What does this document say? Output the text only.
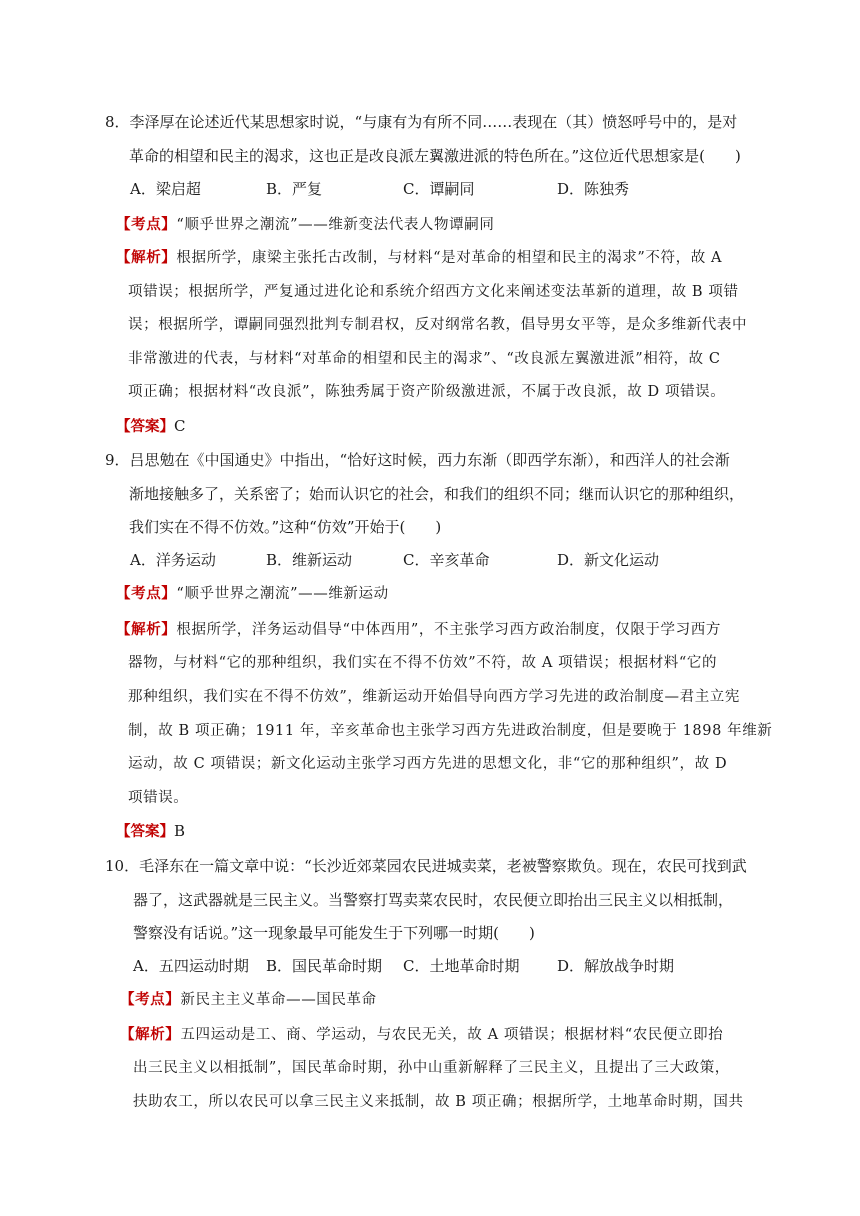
8．李泽厚在论述近代某思想家时说，“与康有为有所不同……表现在（其）愤怒呼号中的，是对
革命的相望和民主的渴求，这也正是改良派左翼激进派的特色所在。”这位近代思想家是(　　)
A．梁启超	B．严复	C．谭嗣同	D．陈独秀
【考点】“顺乎世界之潮流”——维新变法代表人物谭嗣同
【解析】根据所学，康梁主张托古改制，与材料“是对革命的相望和民主的渴求”不符，故 A
项错误；根据所学，严复通过进化论和系统介绍西方文化来阐述变法革新的道理，故 B 项错
误；根据所学，谭嗣同强烈批判专制君权，反对纲常名教，倡导男女平等，是众多维新代表中
非常激进的代表，与材料“对革命的相望和民主的渴求”、“改良派左翼激进派”相符，故 C
项正确；根据材料“改良派”，陈独秀属于资产阶级激进派，不属于改良派，故 D 项错误。
【答案】C
9．吕思勉在《中国通史》中指出，“恰好这时候，西力东渐（即西学东渐），和西洋人的社会渐
渐地接触多了，关系密了；始而认识它的社会，和我们的组织不同；继而认识它的那种组织，
我们实在不得不仿效。”这种“仿效”开始于(　　)
A．洋务运动	B．维新运动	C．辛亥革命	D．新文化运动
【考点】“顺乎世界之潮流”——维新运动
【解析】根据所学，洋务运动倡导“中体西用”，不主张学习西方政治制度，仅限于学习西方
器物，与材料“它的那种组织，我们实在不得不仿效”不符，故 A 项错误；根据材料“它的
那种组织，我们实在不得不仿效”，维新运动开始倡导向西方学习先进的政治制度—君主立宪
制，故 B 项正确；1911 年，辛亥革命也主张学习西方先进政治制度，但是要晚于 1898 年维新
运动，故 C 项错误；新文化运动主张学习西方先进的思想文化，非“它的那种组织”，故 D
项错误。
【答案】B
10．毛泽东在一篇文章中说：“长沙近郊菜园农民进城卖菜，老被警察欺负。现在，农民可找到武
器了，这武器就是三民主义。当警察打骂卖菜农民时，农民便立即抬出三民主义以相抵制，
警察没有话说。”这一现象最早可能发生于下列哪一时期(　　)
A．五四运动时期 B．国民革命时期 C．土地革命时期	D．解放战争时期
【考点】新民主主义革命——国民革命
【解析】五四运动是工、商、学运动，与农民无关，故 A 项错误；根据材料“农民便立即抬
出三民主义以相抵制”，国民革命时期，孙中山重新解释了三民主义，且提出了三大政策，
扶助农工，所以农民可以拿三民主义来抵制，故 B 项正确；根据所学，土地革命时期，国共
